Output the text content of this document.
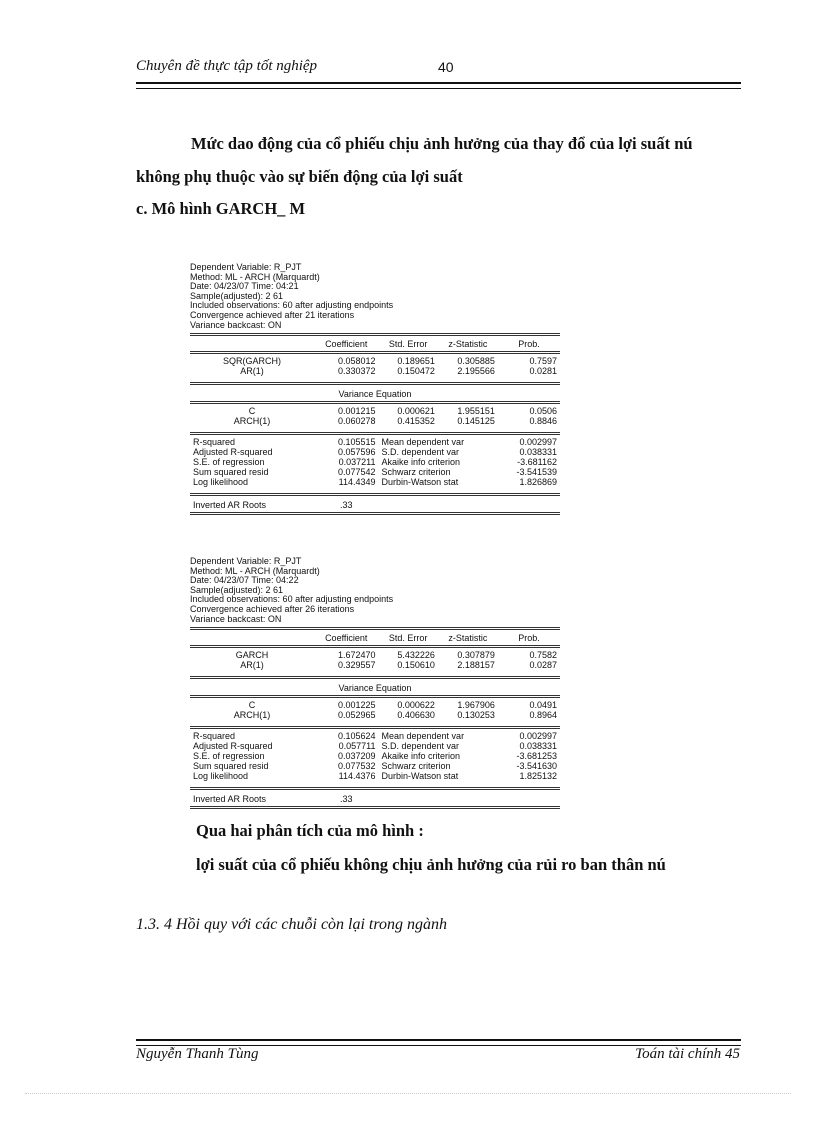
Chuyên đề thực tập tốt nghiệp	40
Mức dao động của cổ phiếu chịu ảnh hưởng của thay đổ của lợi suất nú
không phụ thuộc vào sự biến động của lợi suất
c. Mô hình GARCH_ M
Dependent Variable: R_PJT
Method: ML - ARCH (Marquardt)
Date: 04/23/07 Time: 04:21
Sample(adjusted): 2 61
Included observations: 60 after adjusting endpoints
Convergence achieved after 21 iterations
Variance backcast: ON
	Coefficient	Std. Error	z-Statistic	Prob.
SQR(GARCH)	0.058012	0.189651	0.305885	0.7597
AR(1)	0.330372	0.150472	2.195566	0.0281

Variance Equation				
C	0.001215	0.000621	1.955151	0.0506
ARCH(1)	0.060278	0.415352	0.145125	0.8846

R-squared	0.105515	Mean dependent var		0.002997
Adjusted R-squared	0.057596	S.D. dependent var		0.038331
S.E. of regression	0.037211	Akaike info criterion		-3.681162
Sum squared resid	0.077542	Schwarz criterion		-3.541539
Log likelihood	114.4349	Durbin-Watson stat		1.826869

Inverted AR Roots	.33			
Dependent Variable: R_PJT
Method: ML - ARCH (Marquardt)
Date: 04/23/07 Time: 04:22
Sample(adjusted): 2 61
Included observations: 60 after adjusting endpoints
Convergence achieved after 26 iterations
Variance backcast: ON
	Coefficient	Std. Error	z-Statistic	Prob.
GARCH	1.672470	5.432226	0.307879	0.7582
AR(1)	0.329557	0.150610	2.188157	0.0287

Variance Equation				
C	0.001225	0.000622	1.967906	0.0491
ARCH(1)	0.052965	0.406630	0.130253	0.8964

R-squared	0.105624	Mean dependent var		0.002997
Adjusted R-squared	0.057711	S.D. dependent var		0.038331
S.E. of regression	0.037209	Akaike info criterion		-3.681253
Sum squared resid	0.077532	Schwarz criterion		-3.541630
Log likelihood	114.4376	Durbin-Watson stat		1.825132

Inverted AR Roots	.33			
Qua hai phân tích của mô hình :
lợi suất của cổ phiếu không chịu ảnh hưởng của rủi ro ban thân nú
1.3. 4 Hồi quy với các chuỗi còn lại trong ngành
Nguyễn Thanh Tùng	Toán tài chính 45
